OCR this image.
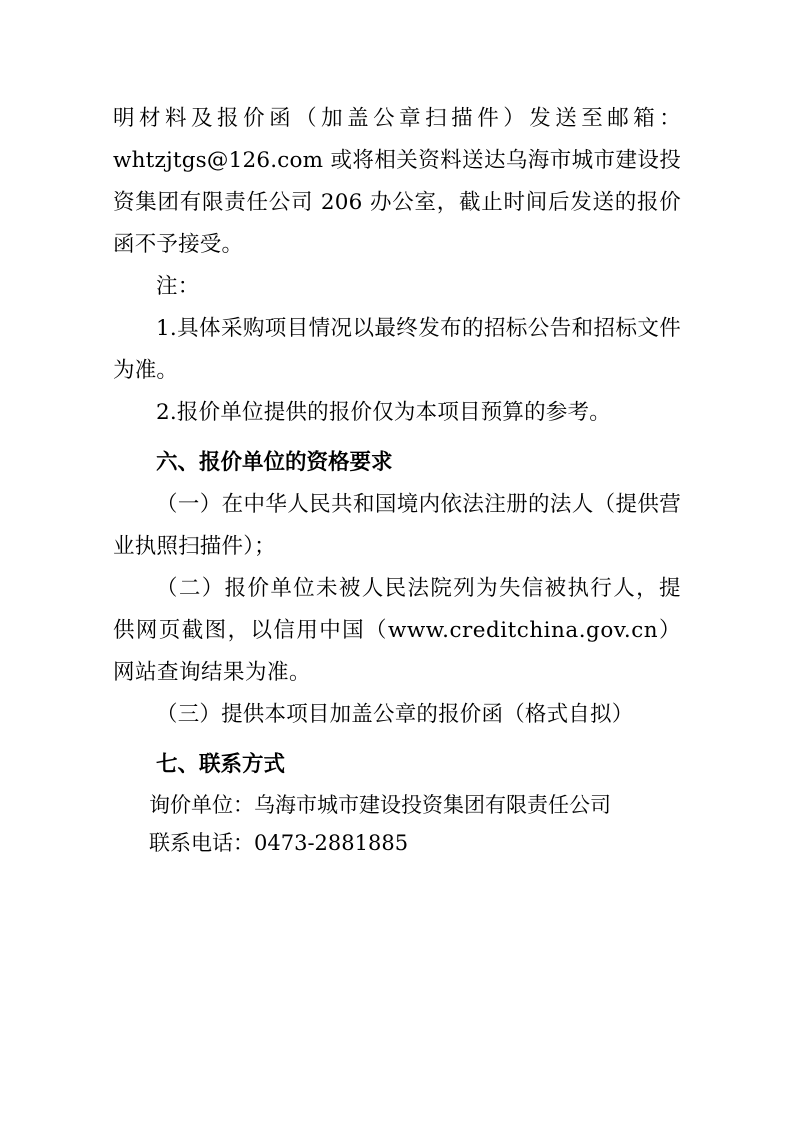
明材料及报价函（加盖公章扫描件）发送至邮箱：whtzjtgs@126.com 或将相关资料送达乌海市城市建设投资集团有限责任公司 206 办公室，截止时间后发送的报价函不予接受。

注：

1.具体采购项目情况以最终发布的招标公告和招标文件为准。

2.报价单位提供的报价仅为本项目预算的参考。

六、报价单位的资格要求

（一）在中华人民共和国境内依法注册的法人（提供营业执照扫描件）；

（二）报价单位未被人民法院列为失信被执行人，提供网页截图，以信用中国（www.creditchina.gov.cn）网站查询结果为准。

（三）提供本项目加盖公章的报价函（格式自拟）

七、联系方式

询价单位：乌海市城市建设投资集团有限责任公司

联系电话：0473-2881885
